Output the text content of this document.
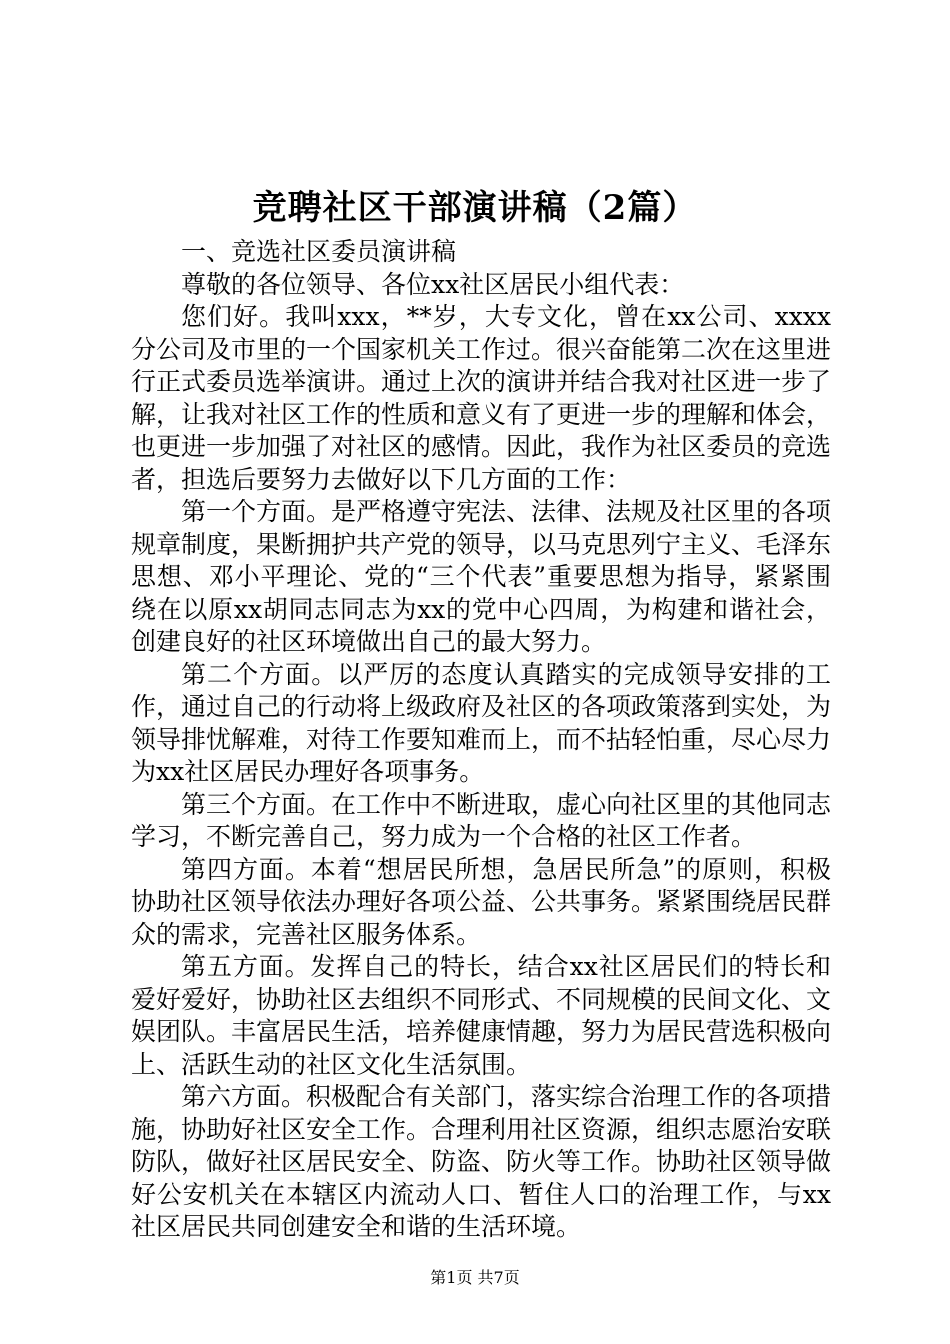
竞聘社区干部演讲稿（2篇）

一、竞选社区委员演讲稿

尊敬的各位领导、各位xx社区居民小组代表：

您们好。我叫xxx，**岁，大专文化，曾在xx公司、xxxx分公司及市里的一个国家机关工作过。很兴奋能第二次在这里进行正式委员选举演讲。通过上次的演讲并结合我对社区进一步了解，让我对社区工作的性质和意义有了更进一步的理解和体会，也更进一步加强了对社区的感情。因此，我作为社区委员的竞选者，担选后要努力去做好以下几方面的工作：

第一个方面。是严格遵守宪法、法律、法规及社区里的各项规章制度，果断拥护共产党的领导，以马克思列宁主义、毛泽东思想、邓小平理论、党的“三个代表”重要思想为指导，紧紧围绕在以原xx胡同志同志为xx的党中心四周，为构建和谐社会，创建良好的社区环境做出自己的最大努力。

第二个方面。以严厉的态度认真踏实的完成领导安排的工作，通过自己的行动将上级政府及社区的各项政策落到实处，为领导排忧解难，对待工作要知难而上，而不拈轻怕重，尽心尽力为xx社区居民办理好各项事务。

第三个方面。在工作中不断进取，虚心向社区里的其他同志学习，不断完善自己，努力成为一个合格的社区工作者。

第四方面。本着“想居民所想，急居民所急”的原则，积极协助社区领导依法办理好各项公益、公共事务。紧紧围绕居民群众的需求，完善社区服务体系。

第五方面。发挥自己的特长，结合xx社区居民们的特长和爱好爱好，协助社区去组织不同形式、不同规模的民间文化、文娱团队。丰富居民生活，培养健康情趣，努力为居民营选积极向上、活跃生动的社区文化生活氛围。

第六方面。积极配合有关部门，落实综合治理工作的各项措施，协助好社区安全工作。合理利用社区资源，组织志愿治安联防队，做好社区居民安全、防盗、防火等工作。协助社区领导做好公安机关在本辖区内流动人口、暂住人口的治理工作，与xx社区居民共同创建安全和谐的生活环境。

第1页 共7页
